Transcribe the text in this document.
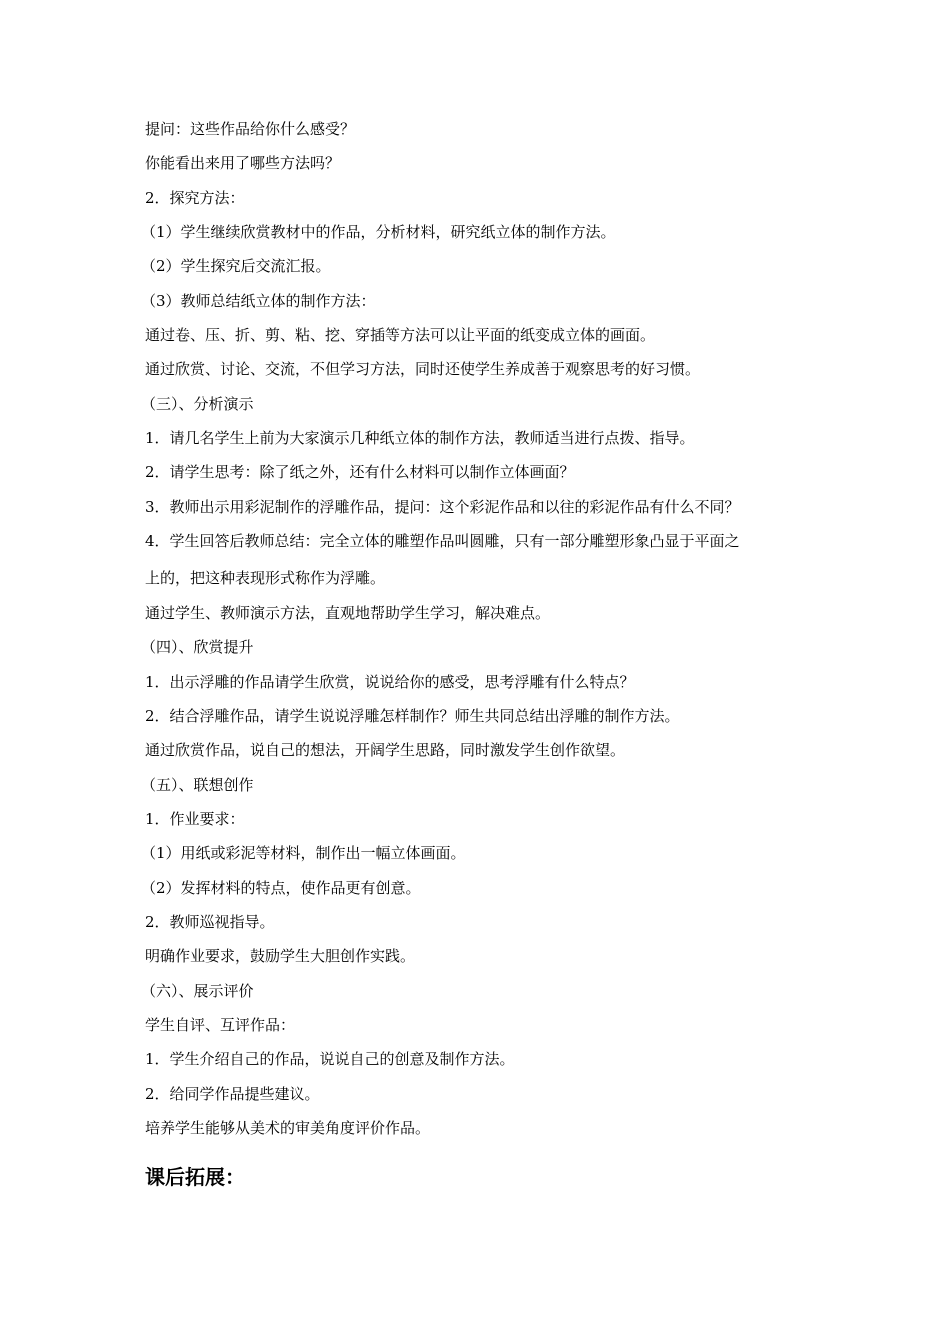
提问：这些作品给你什么感受？
你能看出来用了哪些方法吗？
2．探究方法：
（1）学生继续欣赏教材中的作品，分析材料，研究纸立体的制作方法。
（2）学生探究后交流汇报。
（3）教师总结纸立体的制作方法：
通过卷、压、折、剪、粘、挖、穿插等方法可以让平面的纸变成立体的画面。
通过欣赏、讨论、交流，不但学习方法，同时还使学生养成善于观察思考的好习惯。
（三）、分析演示
1．请几名学生上前为大家演示几种纸立体的制作方法，教师适当进行点拨、指导。
2．请学生思考：除了纸之外，还有什么材料可以制作立体画面？
3．教师出示用彩泥制作的浮雕作品，提问：这个彩泥作品和以往的彩泥作品有什么不同？
4．学生回答后教师总结：完全立体的雕塑作品叫圆雕，只有一部分雕塑形象凸显于平面之
上的，把这种表现形式称作为浮雕。
通过学生、教师演示方法，直观地帮助学生学习，解决难点。
（四）、欣赏提升
1．出示浮雕的作品请学生欣赏，说说给你的感受，思考浮雕有什么特点？
2．结合浮雕作品，请学生说说浮雕怎样制作？师生共同总结出浮雕的制作方法。
通过欣赏作品，说自己的想法，开阔学生思路，同时激发学生创作欲望。
（五）、联想创作
1．作业要求：
（1）用纸或彩泥等材料，制作出一幅立体画面。
（2）发挥材料的特点，使作品更有创意。
2．教师巡视指导。
明确作业要求，鼓励学生大胆创作实践。
（六）、展示评价
学生自评、互评作品：
1．学生介绍自己的作品，说说自己的创意及制作方法。
2．给同学作品提些建议。
培养学生能够从美术的审美角度评价作品。
课后拓展：
